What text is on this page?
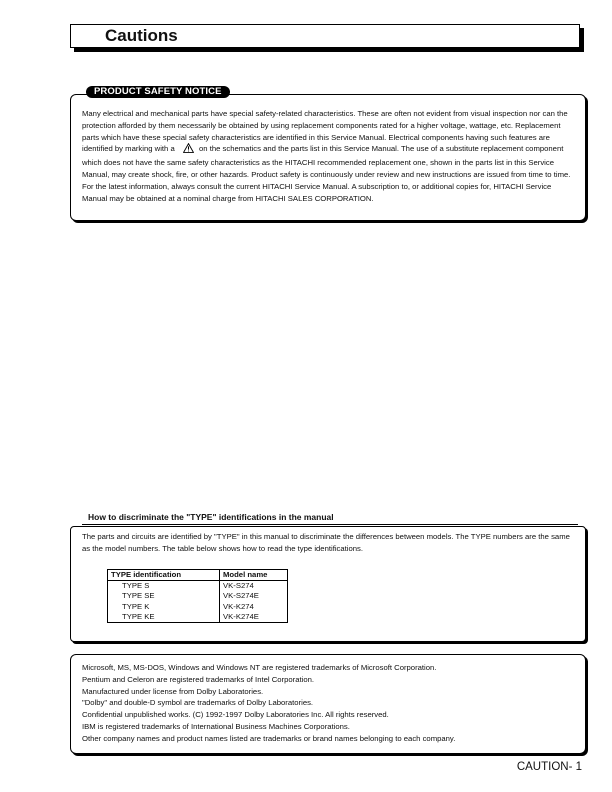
Cautions
PRODUCT SAFETY NOTICE
Many electrical and mechanical parts have special safety-related characteristics. These are often not evident from visual inspection nor can the protection afforded by them necessarily be obtained by using replacement components rated for a higher voltage, wattage, etc. Replacement parts which have these special safety characteristics are identified in this Service Manual. Electrical components having such features are identified by marking with a	on the schematics and the parts list in this Service Manual. The use of a substitute replacement component which does not have the same safety characteristics as the HITACHI recommended replacement one, shown in the parts list in this Service Manual, may create shock, fire, or other hazards. Product safety is continuously under review and new instructions are issued from time to time. For the latest information, always consult the current HITACHI Service Manual. A subscription to, or additional copies for, HITACHI Service Manual may be obtained at a nominal charge from HITACHI SALES CORPORATION.
How to discriminate the "TYPE" identifications in the manual
The parts and circuits are identified by "TYPE" in this manual to discriminate the differences between models. The TYPE numbers are the same as the model numbers. The table below shows how to read the type identifications.
TYPE identification	Model name
TYPE S	VK-S274
TYPE SE	VK-S274E
TYPE K	VK-K274
TYPE KE	VK-K274E
Microsoft, MS, MS-DOS, Windows and Windows NT are registered trademarks of Microsoft Corporation.
Pentium and Celeron are registered trademarks of Intel Corporation.
Manufactured under license from Dolby Laboratories.
"Dolby" and double-D symbol are trademarks of Dolby Laboratories.
Confidential unpublished works. (C) 1992-1997 Dolby Laboratories Inc. All rights reserved.
IBM is registered trademarks of International Business Machines Corporations.
Other company names and product names listed are trademarks or brand names belonging to each company.
CAUTION- 1
